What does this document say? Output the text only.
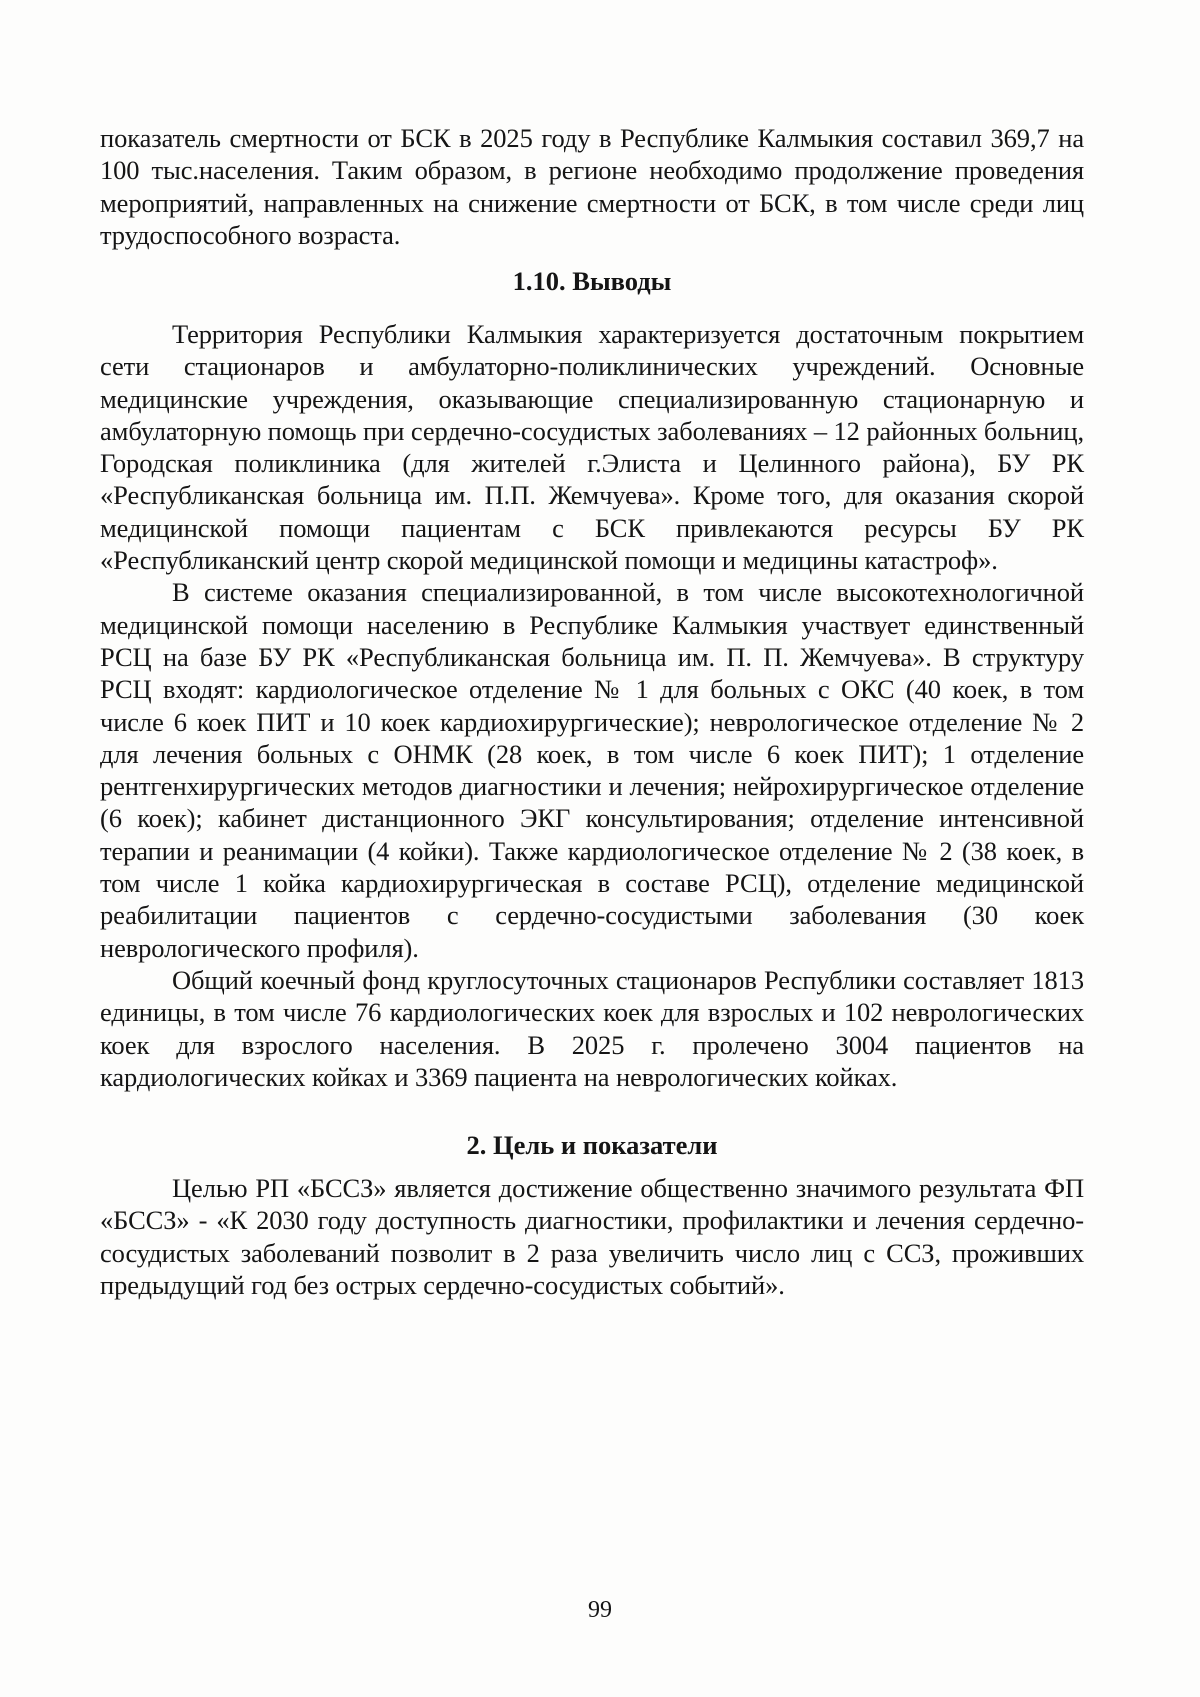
показатель смертности от БСК в 2025 году в Республике Калмыкия составил 369,7 на 100 тыс.населения. Таким образом, в регионе необходимо продолжение проведения мероприятий, направленных на снижение смертности от БСК, в том числе среди лиц трудоспособного возраста.

1.10. Выводы

Территория Республики Калмыкия характеризуется достаточным покрытием сети стационаров и амбулаторно-поликлинических учреждений. Основные медицинские учреждения, оказывающие специализированную стационарную и амбулаторную помощь при сердечно-сосудистых заболеваниях – 12 районных больниц, Городская поликлиника (для жителей г.Элиста и Целинного района), БУ РК «Республиканская больница им. П.П. Жемчуева». Кроме того, для оказания скорой медицинской помощи пациентам с БСК привлекаются ресурсы БУ РК «Республиканский центр скорой медицинской помощи и медицины катастроф».

В системе оказания специализированной, в том числе высокотехнологичной медицинской помощи населению в Республике Калмыкия участвует единственный РСЦ на базе БУ РК «Республиканская больница им. П. П. Жемчуева». В структуру РСЦ входят: кардиологическое отделение № 1 для больных с ОКС (40 коек, в том числе 6 коек ПИТ и 10 коек кардиохирургические); неврологическое отделение № 2 для лечения больных с ОНМК (28 коек, в том числе 6 коек ПИТ); 1 отделение рентгенхирургических методов диагностики и лечения; нейрохирургическое отделение (6 коек); кабинет дистанционного ЭКГ консультирования; отделение интенсивной терапии и реанимации (4 койки). Также кардиологическое отделение № 2 (38 коек, в том числе 1 койка кардиохирургическая в составе РСЦ), отделение медицинской реабилитации пациентов с сердечно-сосудистыми заболевания (30 коек неврологического профиля).

Общий коечный фонд круглосуточных стационаров Республики составляет 1813 единицы, в том числе 76 кардиологических коек для взрослых и 102 неврологических коек для взрослого населения. В 2025 г. пролечено 3004 пациентов на кардиологических койках и 3369 пациента на неврологических койках.

2. Цель и показатели

Целью РП «БССЗ» является достижение общественно значимого результата ФП «БССЗ» - «К 2030 году доступность диагностики, профилактики и лечения сердечно-сосудистых заболеваний позволит в 2 раза увеличить число лиц с ССЗ, проживших предыдущий год без острых сердечно-сосудистых событий».

99
